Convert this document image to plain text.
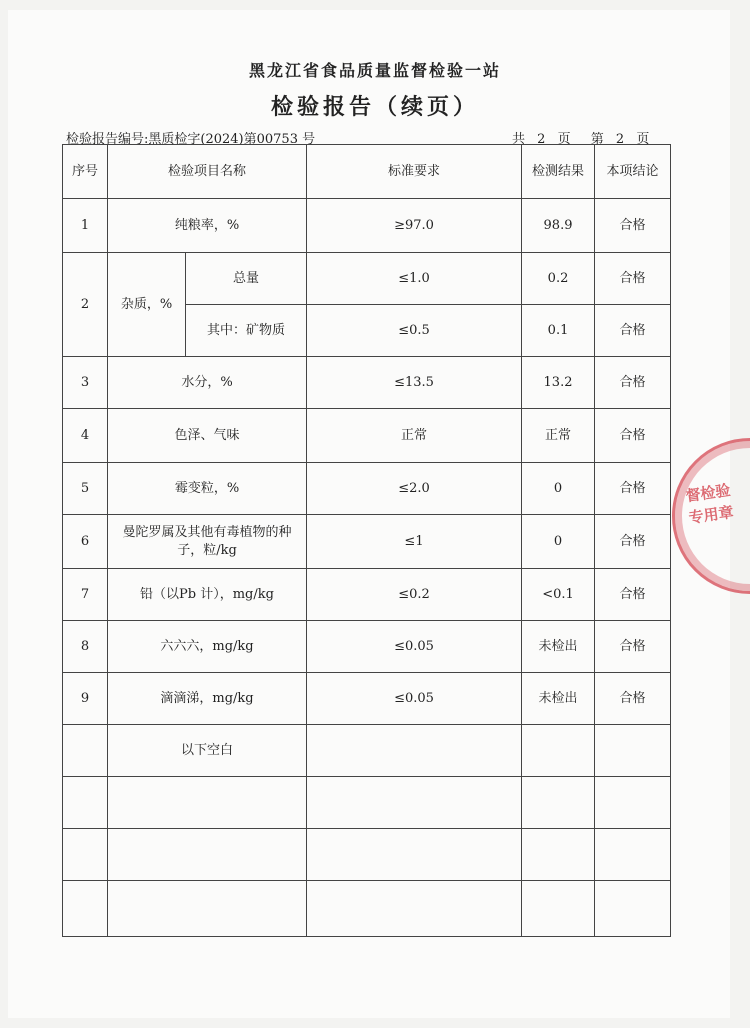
黑龙江省食品质量监督检验一站
检验报告（续页）
检验报告编号:黑质检字(2024)第00753 号	共 2 页 第 2 页
序号	检验项目名称		标准要求	检测结果	本项结论
1	纯粮率，%		≥97.0	98.9	合格
2	杂质，%	总量	≤1.0	0.2	合格
		其中：矿物质	≤0.5	0.1	合格
3	水分，%		≤13.5	13.2	合格
4	色泽、气味		正常	正常	合格
5	霉变粒，%		≤2.0	0	合格
6	曼陀罗属及其他有毒植物的种子，粒/kg		≤1	0	合格
7	铅（以Pb 计），mg/kg		≤0.2	<0.1	合格
8	六六六，mg/kg		≤0.05	未检出	合格
9	滴滴涕，mg/kg		≤0.05	未检出	合格
	以下空白				

督检验 专用章
